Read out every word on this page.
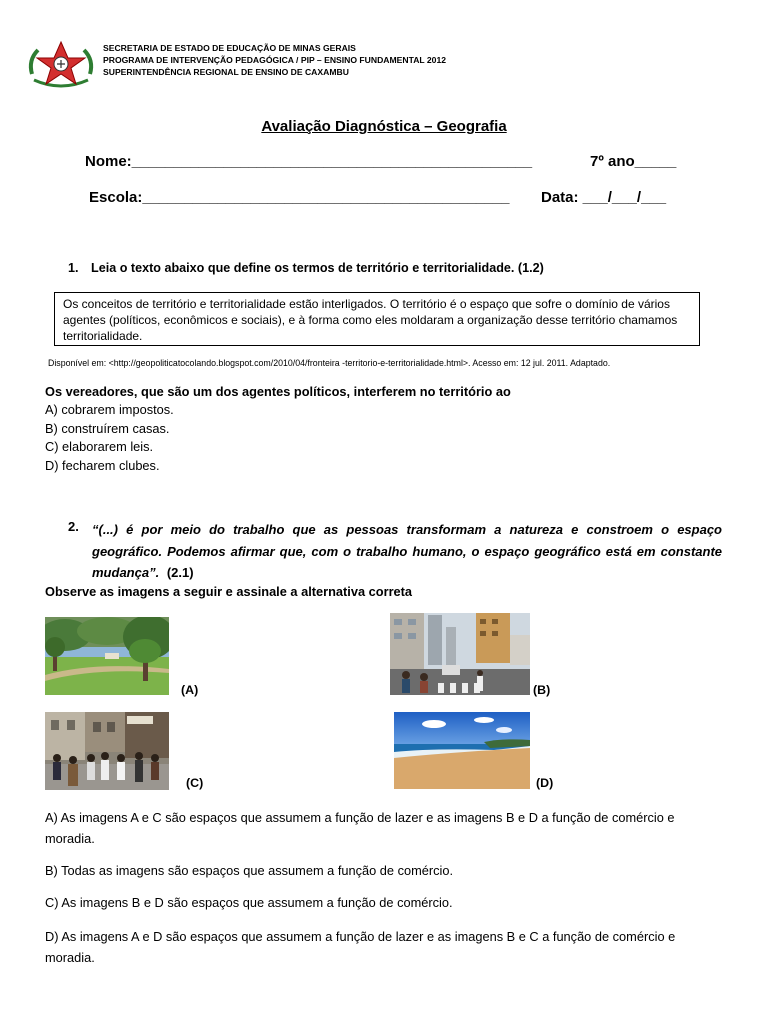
SECRETARIA DE ESTADO DE EDUCAÇÃO DE MINAS GERAIS
PROGRAMA DE INTERVENÇÃO PEDAGÓGICA / PIP – ENSINO FUNDAMENTAL 2012
SUPERINTENDÊNCIA REGIONAL DE ENSINO DE CAXAMBU
Avaliação Diagnóstica – Geografia
Nome:________________________________________________	7º ano_____
Escola:____________________________________________ Data: ___/___/___
1. Leia o texto abaixo que define os termos de território e territorialidade. (1.2)
Os conceitos de território e territorialidade estão interligados. O território é o espaço que sofre o domínio de vários agentes (políticos, econômicos e sociais), e à forma como eles moldaram a organização desse território chamamos territorialidade.
Disponível em: <http://geopoliticatocolando.blogspot.com/2010/04/fronteira -territorio-e-territorialidade.html>. Acesso em: 12 jul. 2011. Adaptado.
Os vereadores, que são um dos agentes políticos, interferem no território ao
A) cobrarem impostos.
B) construírem casas.
C) elaborarem leis.
D) fecharem clubes.
2. “(...) é por meio do trabalho que as pessoas transformam a natureza e constroem o espaço geográfico. Podemos afirmar que, com o trabalho humano, o espaço geográfico está em constante mudança”. (2.1)
Observe as imagens a seguir e assinale a alternativa correta
(A)	(B)
(C)	(D)
A) As imagens A e C são espaços que assumem a função de lazer e as imagens B e D a função de comércio e moradia.
B) Todas as imagens são espaços que assumem a função de comércio.
C) As imagens B e D são espaços que assumem a função de comércio.
D) As imagens A e D são espaços que assumem a função de lazer e as imagens B e C a função de comércio e moradia.
